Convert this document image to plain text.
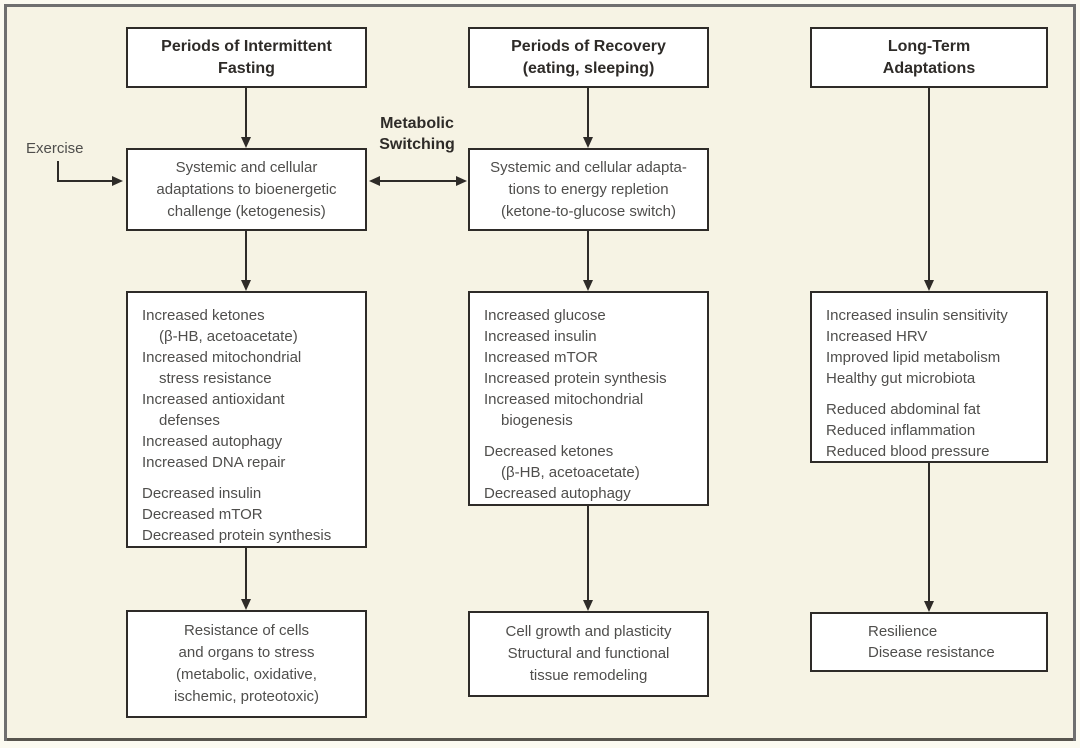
Periods of Intermittent
Fasting
Systemic and cellular
adaptations to bioenergetic
challenge (ketogenesis)
Increased ketones
(β-HB, acetoacetate)
Increased mitochondrial
stress resistance
Increased antioxidant
defenses
Increased autophagy
Increased DNA repair
Decreased insulin
Decreased mTOR
Decreased protein synthesis
Resistance of cells
and organs to stress
(metabolic, oxidative,
ischemic, proteotoxic)
Periods of Recovery
(eating, sleeping)
Systemic and cellular adapta-
tions to energy repletion
(ketone-to-glucose switch)
Increased glucose
Increased insulin
Increased mTOR
Increased protein synthesis
Increased mitochondrial
biogenesis
Decreased ketones
(β-HB, acetoacetate)
Decreased autophagy
Cell growth and plasticity
Structural and functional
tissue remodeling
Long-Term
Adaptations
Increased insulin sensitivity
Increased HRV
Improved lipid metabolism
Healthy gut microbiota
Reduced abdominal fat
Reduced inflammation
Reduced blood pressure
Resilience
Disease resistance
Exercise
Metabolic
Switching
